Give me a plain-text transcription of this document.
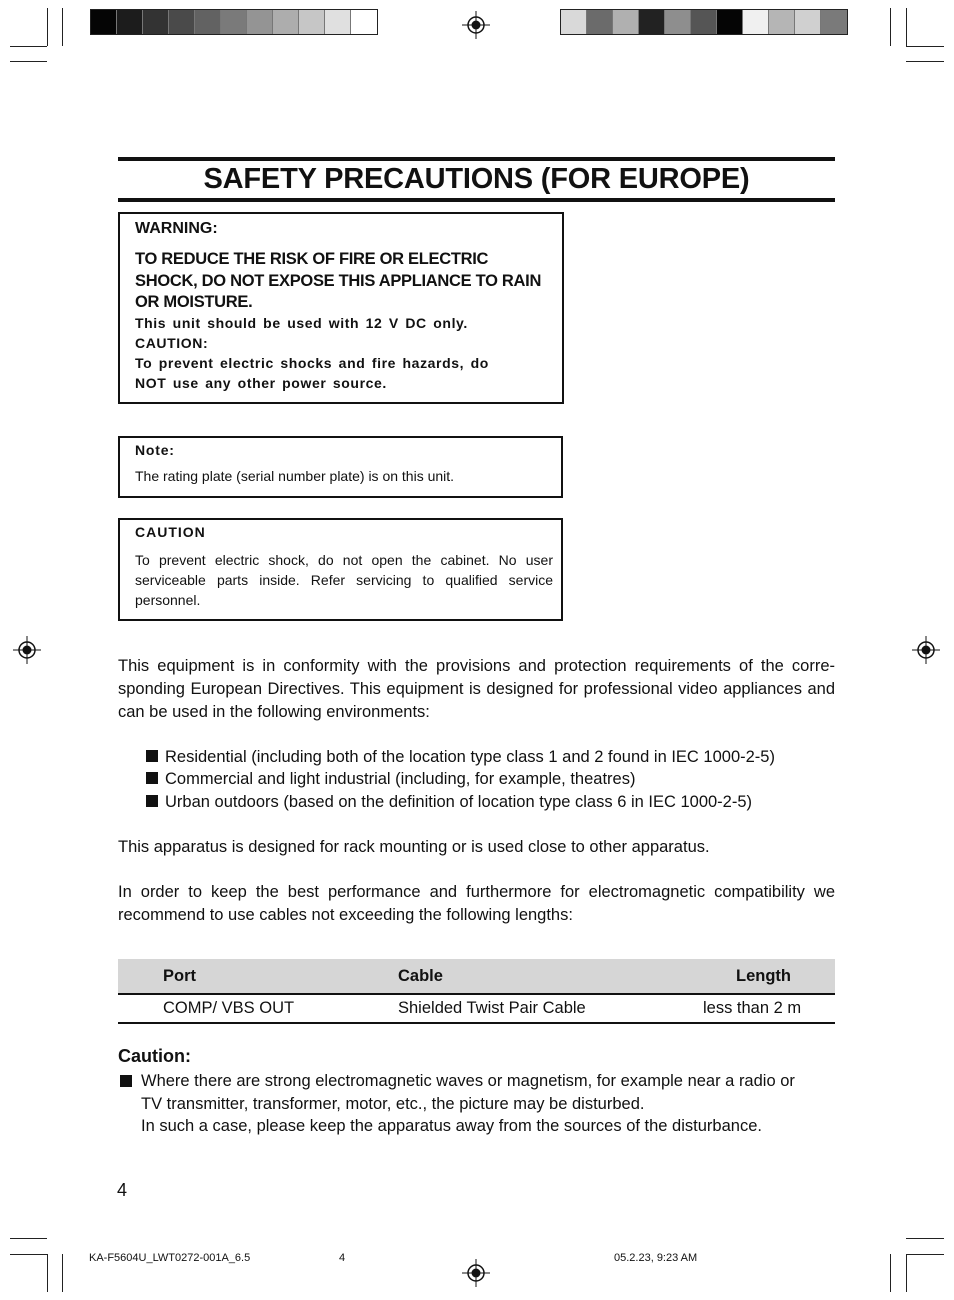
SAFETY PRECAUTIONS (FOR EUROPE)
WARNING:
TO REDUCE THE RISK OF FIRE OR ELECTRIC SHOCK, DO NOT EXPOSE THIS APPLIANCE TO RAIN OR MOISTURE.
This unit should be used with 12 V DC only.
CAUTION:
To prevent electric shocks and fire hazards, do
NOT use any other power source.
Note:
The rating plate (serial number plate) is on this unit.
CAUTION
To prevent electric shock, do not open the cabinet. No user serviceable parts inside. Refer servicing to qualified service personnel.
This equipment is in conformity with the provisions and protection requirements of the corre-sponding European Directives. This equipment is designed for professional video appliances and can be used in the following environments:
Residential (including both of the location type class 1 and 2 found in IEC 1000-2-5)
Commercial and light industrial (including, for example, theatres)
Urban outdoors (based on the definition of location type class 6 in IEC 1000-2-5)
This apparatus is designed for rack mounting or is used close to other apparatus.
In order to keep the best performance and furthermore for electromagnetic compatibility we recommend to use cables not exceeding the following lengths:
Port	Cable	Length
COMP/ VBS OUT	Shielded Twist Pair Cable	less than 2 m
Caution:
Where there are strong electromagnetic waves or magnetism, for example near a radio or
TV transmitter, transformer, motor, etc., the picture may be disturbed.
In such a case, please keep the apparatus away from the sources of the disturbance.
4
KA-F5604U_LWT0272-001A_6.5	4	05.2.23, 9:23 AM
